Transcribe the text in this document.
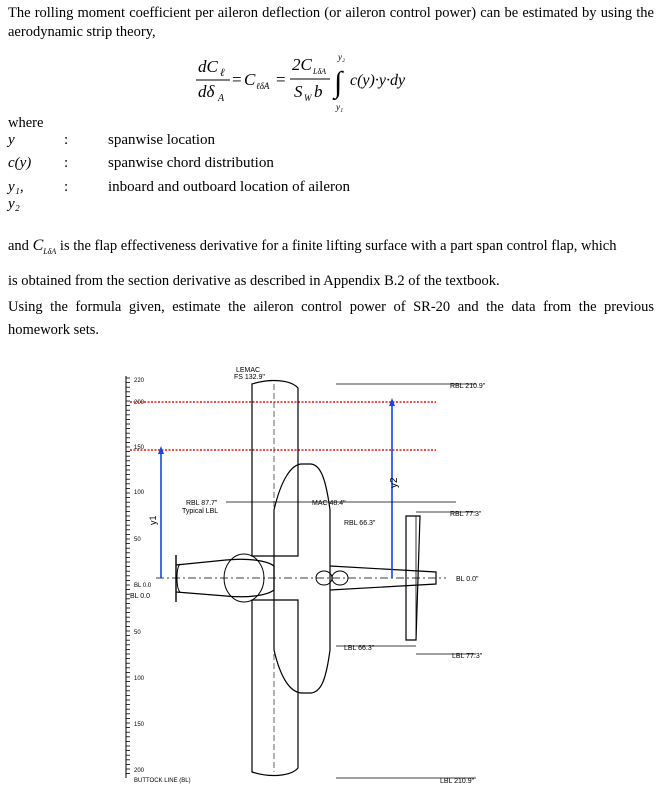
The rolling moment coefficient per aileron deflection (or aileron control power) can be estimated by using the aerodynamic strip theory,
dC ℓ
dδ A
= C ℓδA =
2C LδA
S W b
y₂
∫
y₁
c(y)·y·dy
where
y	:	spanwise location
c(y) :	spanwise chord distribution
y₁, y₂
:	inboard and outboard location of aileron
and $C_{L\delta A}$ is the flap effectiveness derivative for a finite lifting surface with a part span control flap, which
is obtained from the section derivative as described in Appendix B.2 of the textbook.
Using the formula given, estimate the aileron control power of SR-20 and the data from the previous
homework sets.
220
200
150
100
50
BL 0.0
50
100
150
200
BUTTOCK LINE (BL)
y1
y2
LEMAC
FS 132.9"
RBL 210.9"
RBL 87.7"
Typical LBL
MAC 48.4"
RBL 66.3"
RBL 77.3"
BL 0.0
BL 0.0"
LBL 66.3"
LBL 77.3"
LBL 210.9"
